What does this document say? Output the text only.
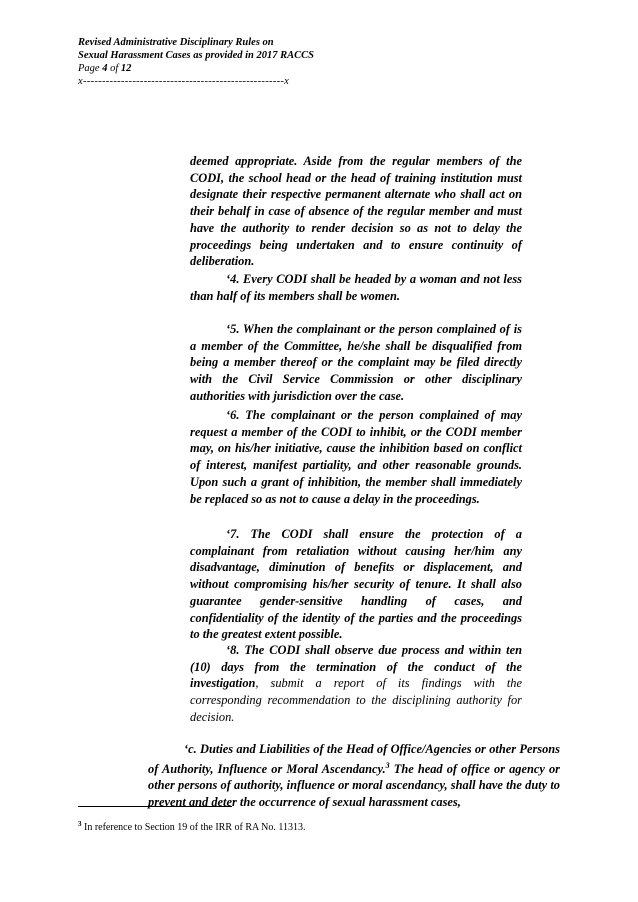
Revised Administrative Disciplinary Rules on
Sexual Harassment Cases as provided in 2017 RACCS
Page 4 of 12
x-----------------------------------------------------x

deemed appropriate. Aside from the regular members of the CODI, the school head or the head of training institution must designate their respective permanent alternate who shall act on their behalf in case of absence of the regular member and must have the authority to render decision so as not to delay the proceedings being undertaken and to ensure continuity of deliberation.

‘4. Every CODI shall be headed by a woman and not less than half of its members shall be women.

‘5. When the complainant or the person complained of is a member of the Committee, he/she shall be disqualified from being a member thereof or the complaint may be filed directly with the Civil Service Commission or other disciplinary authorities with jurisdiction over the case.

‘6. The complainant or the person complained of may request a member of the CODI to inhibit, or the CODI member may, on his/her initiative, cause the inhibition based on conflict of interest, manifest partiality, and other reasonable grounds. Upon such a grant of inhibition, the member shall immediately be replaced so as not to cause a delay in the proceedings.

‘7. The CODI shall ensure the protection of a complainant from retaliation without causing her/him any disadvantage, diminution of benefits or displacement, and without compromising his/her security of tenure. It shall also guarantee gender-sensitive handling of cases, and confidentiality of the identity of the parties and the proceedings to the greatest extent possible.

‘8. The CODI shall observe due process and within ten (10) days from the termination of the conduct of the investigation, submit a report of its findings with the corresponding recommendation to the disciplining authority for decision.

‘c. Duties and Liabilities of the Head of Office/Agencies or other Persons of Authority, Influence or Moral Ascendancy.$^3$ The head of office or agency or other persons of authority, influence or moral ascendancy, shall have the duty to prevent and deter the occurrence of sexual harassment cases,

$^3$ In reference to Section 19 of the IRR of RA No. 11313.
